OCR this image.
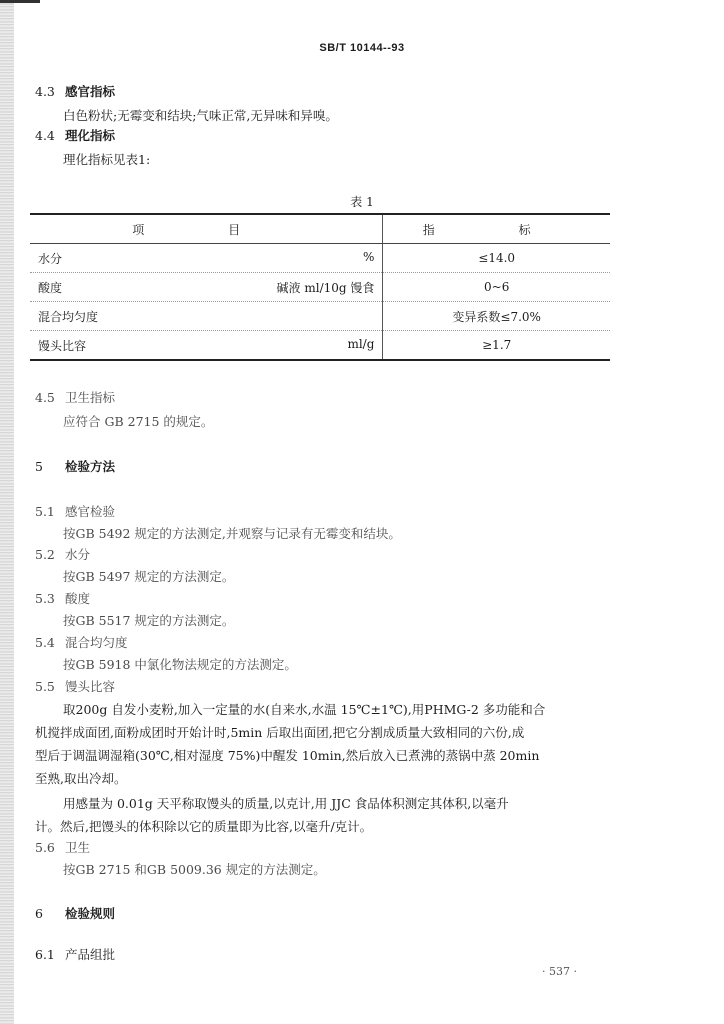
SB/T 10144--93
4.3 感官指标
白色粉状;无霉变和结块;气味正常,无异味和异嗅。
4.4 理化指标
理化指标见表1:
表 1
项 目	指 标

水分 %	≤14.0

酸度 碱液 ml/10g 馒食	0~6

混合均匀度	变异系数≤7.0%

馒头比容 ml/g	≥1.7
4.5 卫生指标
应符合 GB 2715 的规定。
5 检验方法
5.1 感官检验
按GB 5492 规定的方法测定,并观察与记录有无霉变和结块。
5.2 水分
按GB 5497 规定的方法测定。
5.3 酸度
按GB 5517 规定的方法测定。
5.4 混合均匀度
按GB 5918 中氯化物法规定的方法测定。
5.5 馒头比容
取200g 自发小麦粉,加入一定量的水(自来水,水温 15℃±1℃),用PHMG-2 多功能和合
机搅拌成面团,面粉成团时开始计时,5min 后取出面团,把它分割成质量大致相同的六份,成
型后于调温调湿箱(30℃,相对湿度 75%)中醒发 10min,然后放入已煮沸的蒸锅中蒸 20min
至熟,取出冷却。
用感量为 0.01g 天平称取馒头的质量,以克计,用 JJC 食品体积测定其体积,以毫升
计。然后,把馒头的体积除以它的质量即为比容,以毫升/克计。
5.6 卫生
按GB 2715 和GB 5009.36 规定的方法测定。
6 检验规则
6.1 产品组批
· 537 ·
